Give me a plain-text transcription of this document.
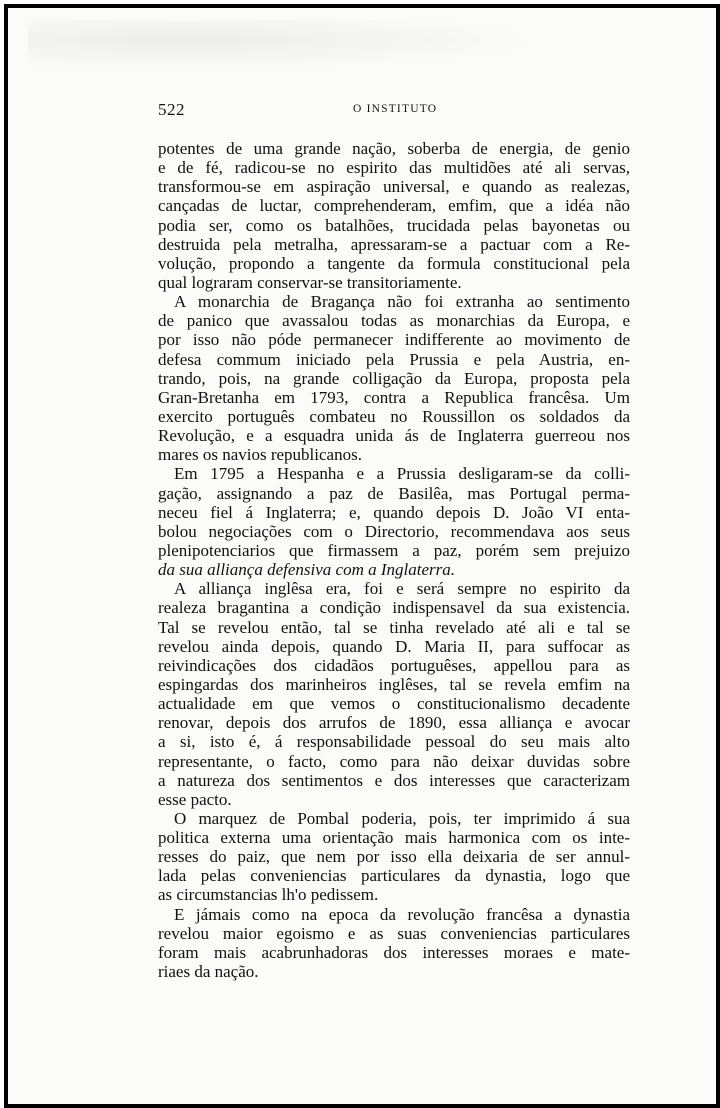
522	O INSTITUTO
potentes de uma grande nação, soberba de energia, de genio
e de fé, radicou-se no espirito das multidões até ali servas,
transformou-se em aspiração universal, e quando as realezas,
cançadas de luctar, comprehenderam, emfim, que a idéa não
podia ser, como os batalhões, trucidada pelas bayonetas ou
destruida pela metralha, apressaram-se a pactuar com a Re-
volução, propondo a tangente da formula constitucional pela
qual lograram conservar-se transitoriamente.
A monarchia de Bragança não foi extranha ao sentimento
de panico que avassalou todas as monarchias da Europa, e
por isso não póde permanecer indifferente ao movimento de
defesa commum iniciado pela Prussia e pela Austria, en-
trando, pois, na grande colligação da Europa, proposta pela
Gran-Bretanha em 1793, contra a Republica francêsa. Um
exercito português combateu no Roussillon os soldados da
Revolução, e a esquadra unida ás de Inglaterra guerreou nos
mares os navios republicanos.
Em 1795 a Hespanha e a Prussia desligaram-se da colli-
gação, assignando a paz de Basilêa, mas Portugal perma-
neceu fiel á Inglaterra; e, quando depois D. João VI enta-
bolou negociações com o Directorio, recommendava aos seus
plenipotenciarios que firmassem a paz, porém sem prejuizo
da sua alliança defensiva com a Inglaterra.
A alliança inglêsa era, foi e será sempre no espirito da
realeza bragantina a condição indispensavel da sua existencia.
Tal se revelou então, tal se tinha revelado até ali e tal se
revelou ainda depois, quando D. Maria II, para suffocar as
reivindicações dos cidadãos portuguêses, appellou para as
espingardas dos marinheiros inglêses, tal se revela emfim na
actualidade em que vemos o constitucionalismo decadente
renovar, depois dos arrufos de 1890, essa alliança e avocar
a si, isto é, á responsabilidade pessoal do seu mais alto
representante, o facto, como para não deixar duvidas sobre
a natureza dos sentimentos e dos interesses que caracterizam
esse pacto.
O marquez de Pombal poderia, pois, ter imprimido á sua
politica externa uma orientação mais harmonica com os inte-
resses do paiz, que nem por isso ella deixaria de ser annul-
lada pelas conveniencias particulares da dynastia, logo que
as circumstancias lh'o pedissem.
E jámais como na epoca da revolução francêsa a dynastia
revelou maior egoismo e as suas conveniencias particulares
foram mais acabrunhadoras dos interesses moraes e mate-
riaes da nação.
